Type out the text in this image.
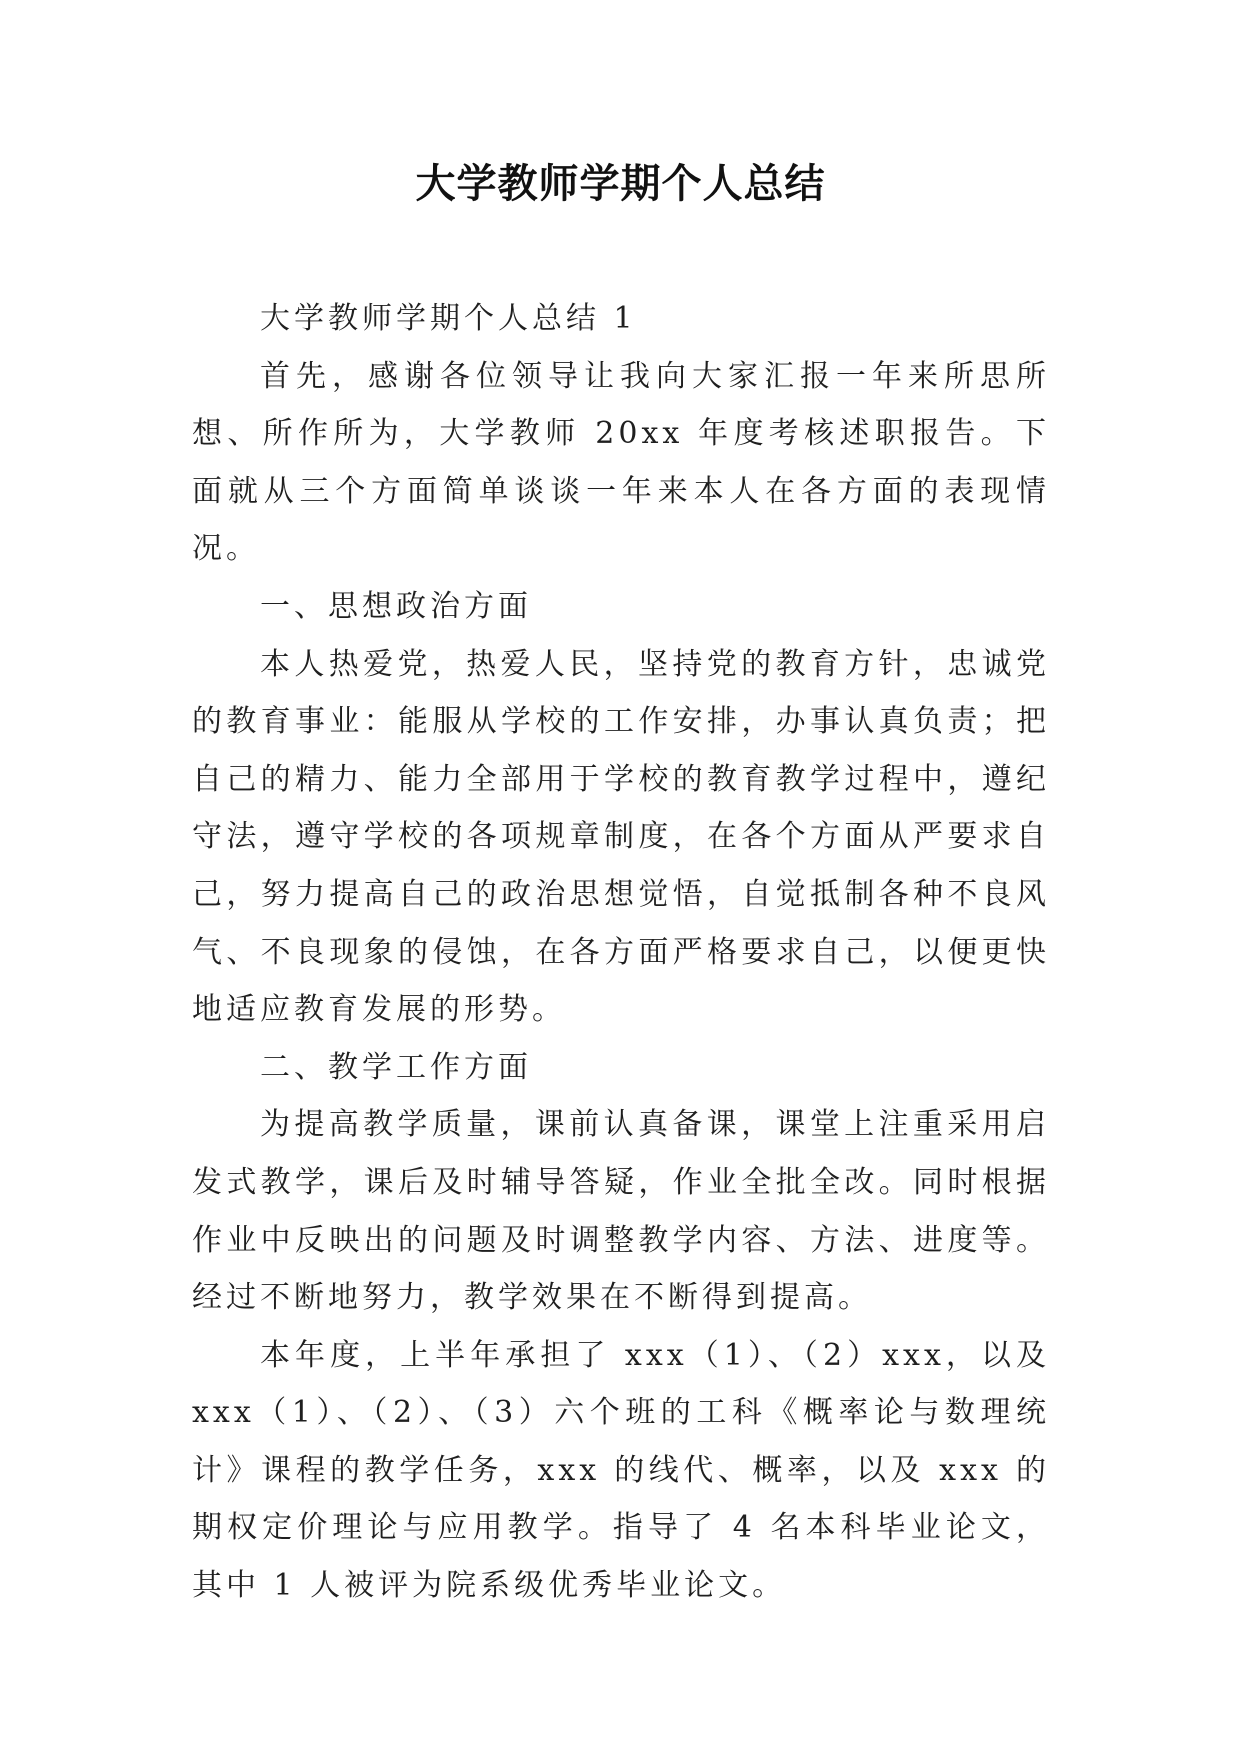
大学教师学期个人总结

大学教师学期个人总结 1

首先，感谢各位领导让我向大家汇报一年来所思所想、所作所为，大学教师 20xx 年度考核述职报告。下面就从三个方面简单谈谈一年来本人在各方面的表现情况。

一、思想政治方面

本人热爱党，热爱人民，坚持党的教育方针，忠诚党的教育事业：能服从学校的工作安排，办事认真负责；把自己的精力、能力全部用于学校的教育教学过程中，遵纪守法，遵守学校的各项规章制度，在各个方面从严要求自己，努力提高自己的政治思想觉悟，自觉抵制各种不良风气、不良现象的侵蚀，在各方面严格要求自己，以便更快地适应教育发展的形势。

二、教学工作方面

为提高教学质量，课前认真备课，课堂上注重采用启发式教学，课后及时辅导答疑，作业全批全改。同时根据作业中反映出的问题及时调整教学内容、方法、进度等。经过不断地努力，教学效果在不断得到提高。

本年度，上半年承担了 xxx（1）、（2）xxx，以及 xxx（1）、（2）、（3）六个班的工科《概率论与数理统计》课程的教学任务，xxx 的线代、概率，以及 xxx 的期权定价理论与应用教学。指导了 4 名本科毕业论文，其中 1 人被评为院系级优秀毕业论文。
